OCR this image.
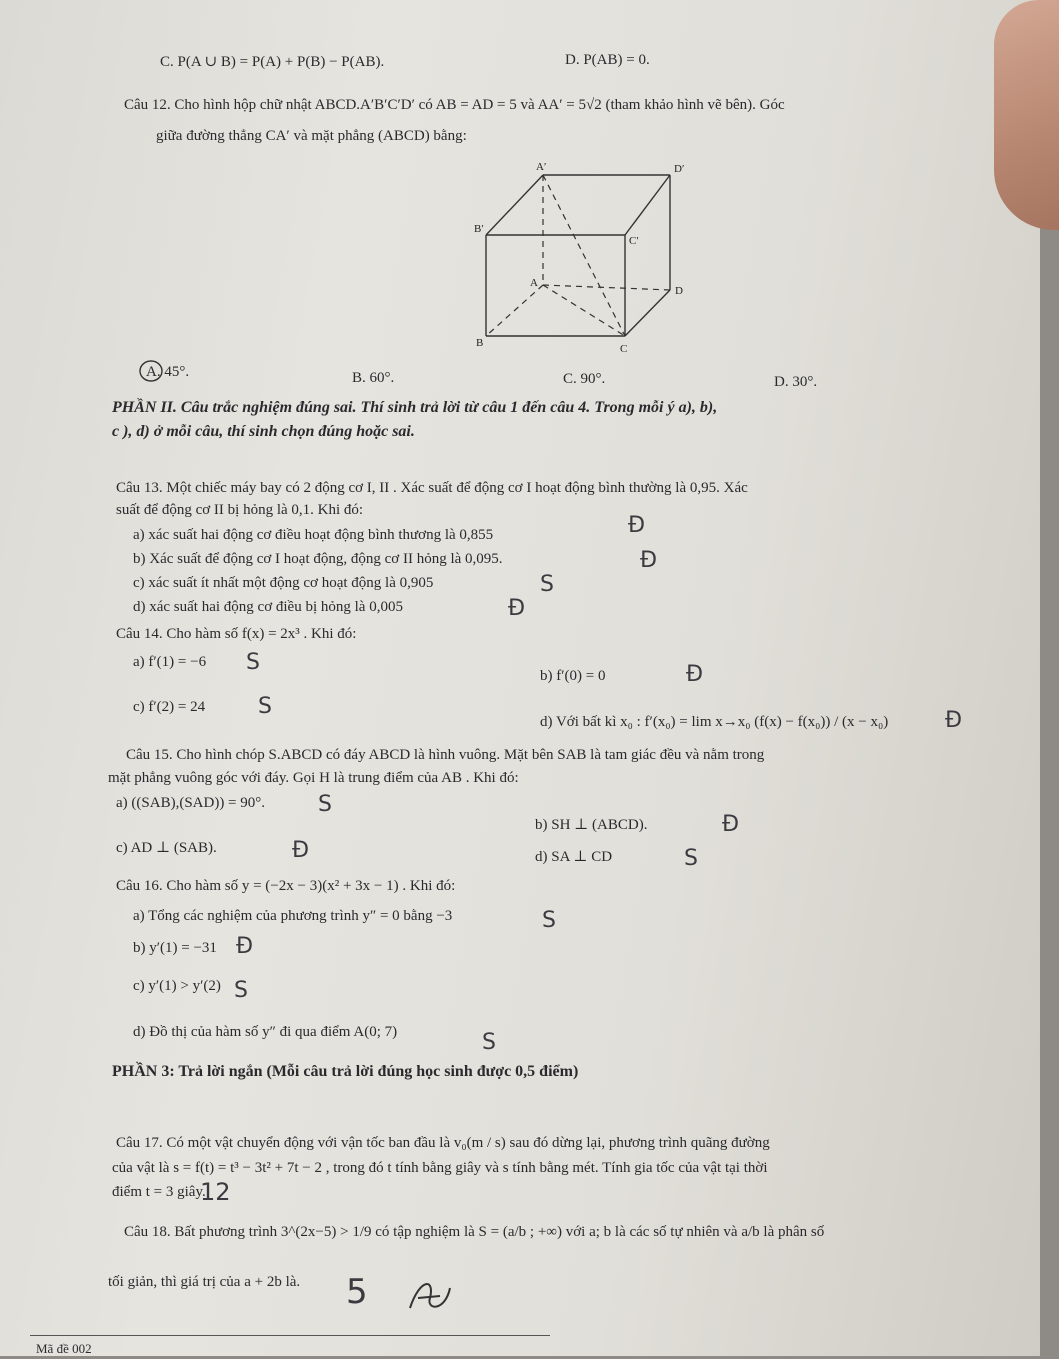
C. P(A ∪ B) = P(A) + P(B) − P(AB).	D. P(AB) = 0.
Câu 12. Cho hình hộp chữ nhật ABCD.A′B′C′D′ có AB = AD = 5 và AA′ = 5√2 (tham khảo hình vẽ bên). Góc
giữa đường thẳng CA′ và mặt phẳng (ABCD) bằng:
A′	D′
B′
C′
A
D
B	C
A. 45°.	B. 60°.	C. 90°.	D. 30°.
PHẦN II. Câu trắc nghiệm đúng sai. Thí sinh trả lời từ câu 1 đến câu 4. Trong mỗi ý a), b),
c ), d) ở mỗi câu, thí sinh chọn đúng hoặc sai.
Câu 13. Một chiếc máy bay có 2 động cơ I, II . Xác suất để động cơ I hoạt động bình thường là 0,95. Xác
suất để động cơ II bị hỏng là 0,1. Khi đó:
a) xác suất hai động cơ điều hoạt động bình thương là 0,855	Đ
b) Xác suất để động cơ I hoạt động, động cơ II hỏng là 0,095.	Đ
c) xác suất ít nhất một động cơ hoạt động là 0,905	S
d) xác suất hai động cơ điều bị hỏng là 0,005	Đ
Câu 14. Cho hàm số f(x) = 2x³ . Khi đó:
a) f′(1) = −6 S
b) f′(0) = 0	Đ
c) f′(2) = 24 S
d) Với bất kì x₀ : f′(x₀) = lim x→x₀ (f(x) − f(x₀)) / (x − x₀)	Đ
Câu 15. Cho hình chóp S.ABCD có đáy ABCD là hình vuông. Mặt bên SAB là tam giác đều và nằm trong
mặt phẳng vuông góc với đáy. Gọi H là trung điểm của AB . Khi đó:
a) ((SAB),(SAD)) = 90°. S
b) SH ⊥ (ABCD).	Đ
c) AD ⊥ (SAB).	Đ	d) SA ⊥ CD	S
Câu 16. Cho hàm số y = (−2x − 3)(x² + 3x − 1) . Khi đó:
a) Tổng các nghiệm của phương trình y″ = 0 bằng −3	S
b) y′(1) = −31 Đ
c) y′(1) > y′(2) S
d) Đồ thị của hàm số y″ đi qua điểm A(0; 7)	S
PHẦN 3: Trả lời ngắn (Mỗi câu trả lời đúng học sinh được 0,5 điểm)
Câu 17. Có một vật chuyển động với vận tốc ban đầu là v₀(m / s) sau đó dừng lại, phương trình quãng đường
của vật là s = f(t) = t³ − 3t² + 7t − 2 , trong đó t tính bằng giây và s tính bằng mét. Tính gia tốc của vật tại thời
điểm t = 3 giây.
12
Câu 18. Bất phương trình 3^(2x−5) > 1/9 có tập nghiệm là S = (a/b ; +∞) với a; b là các số tự nhiên và a/b là phân số
tối giản, thì giá trị của a + 2b là. 5
Mã đề 002
